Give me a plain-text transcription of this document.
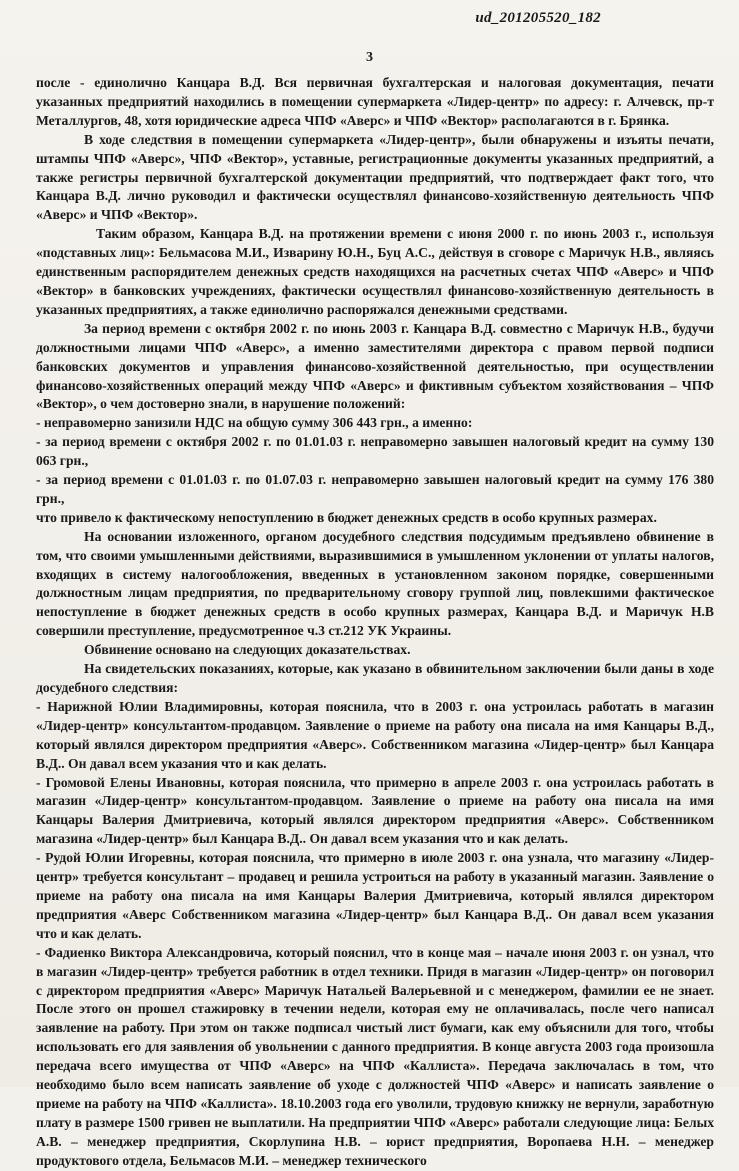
ud_201205520_182
3

после - единолично Канцара В.Д. Вся первичная бухгалтерская и налоговая документация, печати указанных предприятий находились в помещении супермаркета «Лидер-центр» по адресу: г. Алчевск, пр-т Металлургов, 48, хотя юридические адреса ЧПФ «Аверс» и ЧПФ «Вектор» располагаются в г. Брянка.

В ходе следствия в помещении супермаркета «Лидер-центр», были обнаружены и изъяты печати, штампы ЧПФ «Аверс», ЧПФ «Вектор», уставные, регистрационные документы указанных предприятий, а также регистры первичной бухгалтерской документации предприятий, что подтверждает факт того, что Канцара В.Д. лично руководил и фактически осуществлял финансово-хозяйственную деятельность ЧПФ «Аверс» и ЧПФ «Вектор».

Таким образом, Канцара В.Д. на протяжении времени с июня 2000 г. по июнь 2003 г., используя «подставных лиц»: Бельмасова М.И., Изварину Ю.Н., Буц А.С., действуя в сговоре с Маричук Н.В., являясь единственным распорядителем денежных средств находящихся на расчетных счетах ЧПФ «Аверс» и ЧПФ «Вектор» в банковских учреждениях, фактически осуществлял финансово-хозяйственную деятельность в указанных предприятиях, а также единолично распоряжался денежными средствами.

За период времени с октября 2002 г. по июнь 2003 г. Канцара В.Д. совместно с Маричук Н.В., будучи должностными лицами ЧПФ «Аверс», а именно заместителями директора с правом первой подписи банковских документов и управления финансово-хозяйственной деятельностью, при осуществлении финансово-хозяйственных операций между ЧПФ «Аверс» и фиктивным субъектом хозяйствования – ЧПФ «Вектор», о чем достоверно знали, в нарушение положений:

- неправомерно занизили НДС на общую сумму 306 443 грн., а именно:

- за период времени с октября 2002 г. по 01.01.03 г. неправомерно завышен налоговый кредит на сумму 130 063 грн.,

- за период времени с 01.01.03 г. по 01.07.03 г. неправомерно завышен налоговый кредит на сумму 176 380 грн.,

что привело к фактическому непоступлению в бюджет денежных средств в особо крупных размерах.

На основании изложенного, органом досудебного следствия подсудимым предъявлено обвинение в том, что своими умышленными действиями, выразившимися в умышленном уклонении от уплаты налогов, входящих в систему налогообложения, введенных в установленном законом порядке, совершенными должностным лицам предприятия, по предварительному сговору группой лиц, повлекшими фактическое непоступление в бюджет денежных средств в особо крупных размерах, Канцара В.Д. и Маричук Н.В совершили преступление, предусмотренное ч.3 ст.212 УК Украины.

Обвинение основано на следующих доказательствах.

На свидетельских показаниях, которые, как указано в обвинительном заключении были даны в ходе досудебного следствия:

- Нарижной Юлии Владимировны, которая пояснила, что в 2003 г. она устроилась работать в магазин «Лидер-центр» консультантом-продавцом. Заявление о приеме на работу она писала на имя Канцары В.Д., который являлся директором предприятия «Аверс». Собственником магазина «Лидер-центр» был Канцара В.Д.. Он давал всем указания что и как делать.

- Громовой Елены Ивановны, которая пояснила, что примерно в апреле 2003 г. она устроилась работать в магазин «Лидер-центр» консультантом-продавцом. Заявление о приеме на работу она писала на имя Канцары Валерия Дмитриевича, который являлся директором предприятия «Аверс». Собственником магазина «Лидер-центр» был Канцара В.Д.. Он давал всем указания что и как делать.

- Рудой Юлии Игоревны, которая пояснила, что примерно в июле 2003 г. она узнала, что магазину «Лидер-центр» требуется консультант – продавец и решила устроиться на работу в указанный магазин. Заявление о приеме на работу она писала на имя Канцары Валерия Дмитриевича, который являлся директором предприятия «Аверс Собственником магазина «Лидер-центр» был Канцара В.Д.. Он давал всем указания что и как делать.

- Фадиенко Виктора Александровича, который пояснил, что в конце мая – начале июня 2003 г. он узнал, что в магазин «Лидер-центр» требуется работник в отдел техники. Придя в магазин «Лидер-центр» он поговорил с директором предприятия «Аверс» Маричук Натальей Валерьевной и с менеджером, фамилии ее не знает. После этого он прошел стажировку в течении недели, которая ему не оплачивалась, после чего написал заявление на работу. При этом он также подписал чистый лист бумаги, как ему объяснили для того, чтобы использовать его для заявления об увольнении с данного предприятия. В конце августа 2003 года произошла передача всего имущества от ЧПФ «Аверс» на ЧПФ «Каллиста». Передача заключалась в том, что необходимо было всем написать заявление об уходе с должностей ЧПФ «Аверс» и написать заявление о приеме на работу на ЧПФ «Каллиста». 18.10.2003 года его уволили, трудовую книжку не вернули, заработную плату в размере 1500 гривен не выплатили. На предприятии ЧПФ «Аверс» работали следующие лица: Белых А.В. – менеджер предприятия, Скорлупина Н.В. – юрист предприятия, Воропаева Н.Н. – менеджер продуктового отдела, Бельмасов М.И. – менеджер технического
